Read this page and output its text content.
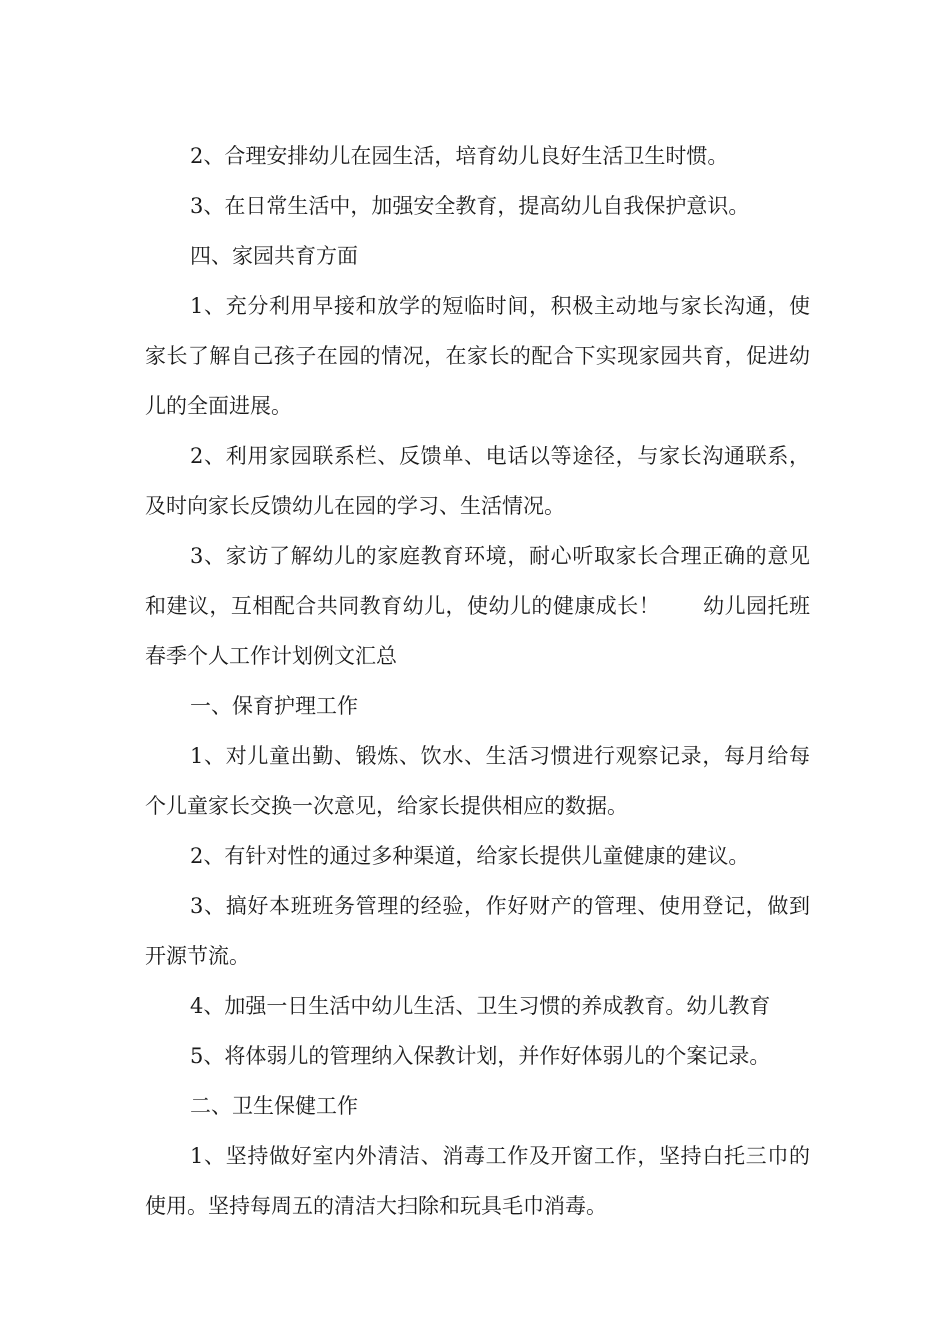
2、合理安排幼儿在园生活，培育幼儿良好生活卫生时惯。

3、在日常生活中，加强安全教育，提高幼儿自我保护意识。

四、家园共育方面

1、充分利用早接和放学的短临时间，积极主动地与家长沟通，使家长了解自己孩子在园的情况，在家长的配合下实现家园共育，促进幼儿的全面进展。

2、利用家园联系栏、反馈单、电话以等途径，与家长沟通联系，及时向家长反馈幼儿在园的学习、生活情况。

3、家访了解幼儿的家庭教育环境，耐心听取家长合理正确的意见和建议，互相配合共同教育幼儿，使幼儿的健康成长！　　幼儿园托班春季个人工作计划例文汇总

一、保育护理工作

1、对儿童出勤、锻炼、饮水、生活习惯进行观察记录，每月给每个儿童家长交换一次意见，给家长提供相应的数据。

2、有针对性的通过多种渠道，给家长提供儿童健康的建议。

3、搞好本班班务管理的经验，作好财产的管理、使用登记，做到开源节流。

4、加强一日生活中幼儿生活、卫生习惯的养成教育。幼儿教育

5、将体弱儿的管理纳入保教计划，并作好体弱儿的个案记录。

二、卫生保健工作

1、坚持做好室内外清洁、消毒工作及开窗工作，坚持白托三巾的使用。坚持每周五的清洁大扫除和玩具毛巾消毒。
